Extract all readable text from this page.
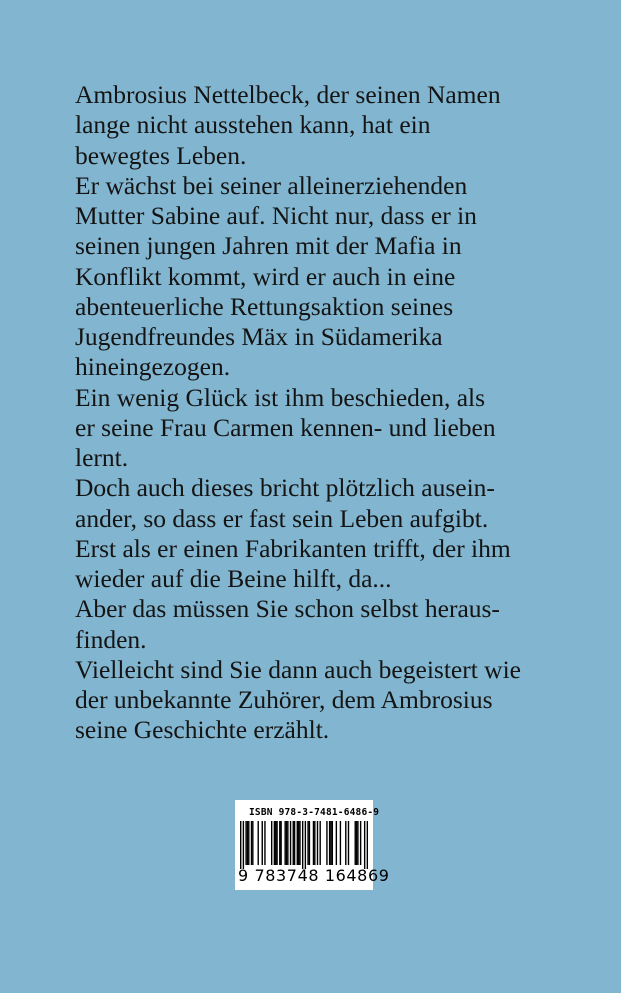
Ambrosius Nettelbeck, der seinen Namen
lange nicht ausstehen kann, hat ein
bewegtes Leben.
Er wächst bei seiner alleinerziehenden
Mutter Sabine auf. Nicht nur, dass er in
seinen jungen Jahren mit der Mafia in
Konflikt kommt, wird er auch in eine
abenteuerliche Rettungsaktion seines
Jugendfreundes Mäx in Südamerika
hineingezogen.
Ein wenig Glück ist ihm beschieden, als
er seine Frau Carmen kennen- und lieben
lernt.
Doch auch dieses bricht plötzlich ausein-
ander, so dass er fast sein Leben aufgibt.
Erst als er einen Fabrikanten trifft, der ihm
wieder auf die Beine hilft, da...
Aber das müssen Sie schon selbst heraus-
finden.
Vielleicht sind Sie dann auch begeistert wie
der unbekannte Zuhörer, dem Ambrosius
seine Geschichte erzählt.
ISBN 978-3-7481-6486-9
9 783748 164869
